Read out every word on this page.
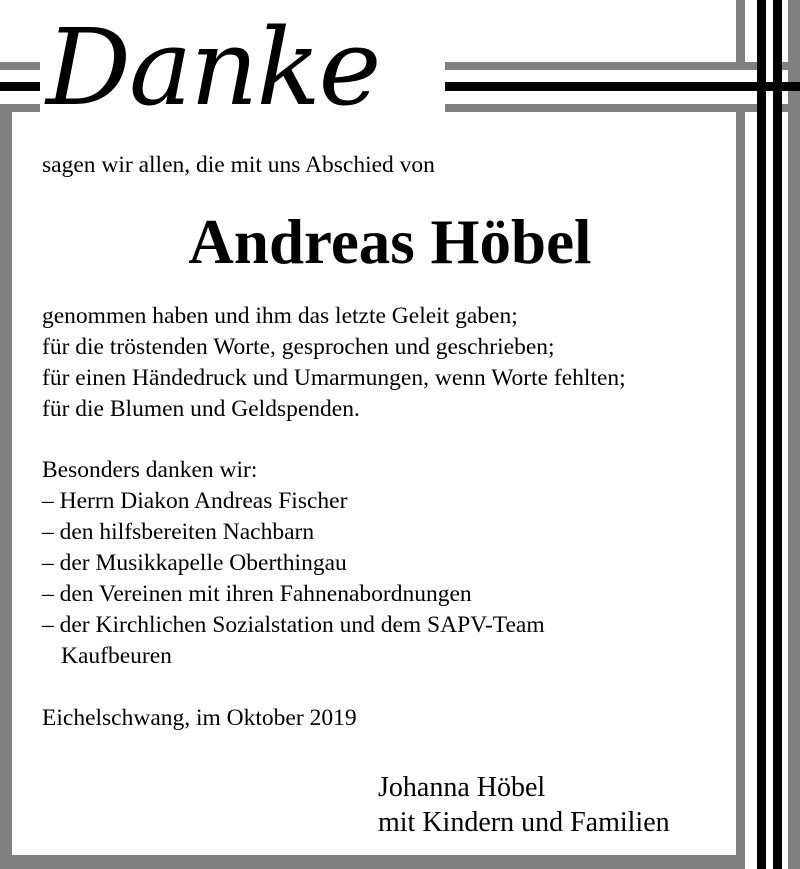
Danke
sagen wir allen, die mit uns Abschied von
Andreas Höbel
genommen haben und ihm das letzte Geleit gaben;
für die tröstenden Worte, gesprochen und geschrieben;
für einen Händedruck und Umarmungen, wenn Worte fehlten;
für die Blumen und Geldspenden.
Besonders danken wir:
– Herrn Diakon Andreas Fischer
– den hilfsbereiten Nachbarn
– der Musikkapelle Oberthingau
– den Vereinen mit ihren Fahnenabordnungen
– der Kirchlichen Sozialstation und dem SAPV-Team
Kaufbeuren
Eichelschwang, im Oktober 2019
Johanna Höbel
mit Kindern und Familien
